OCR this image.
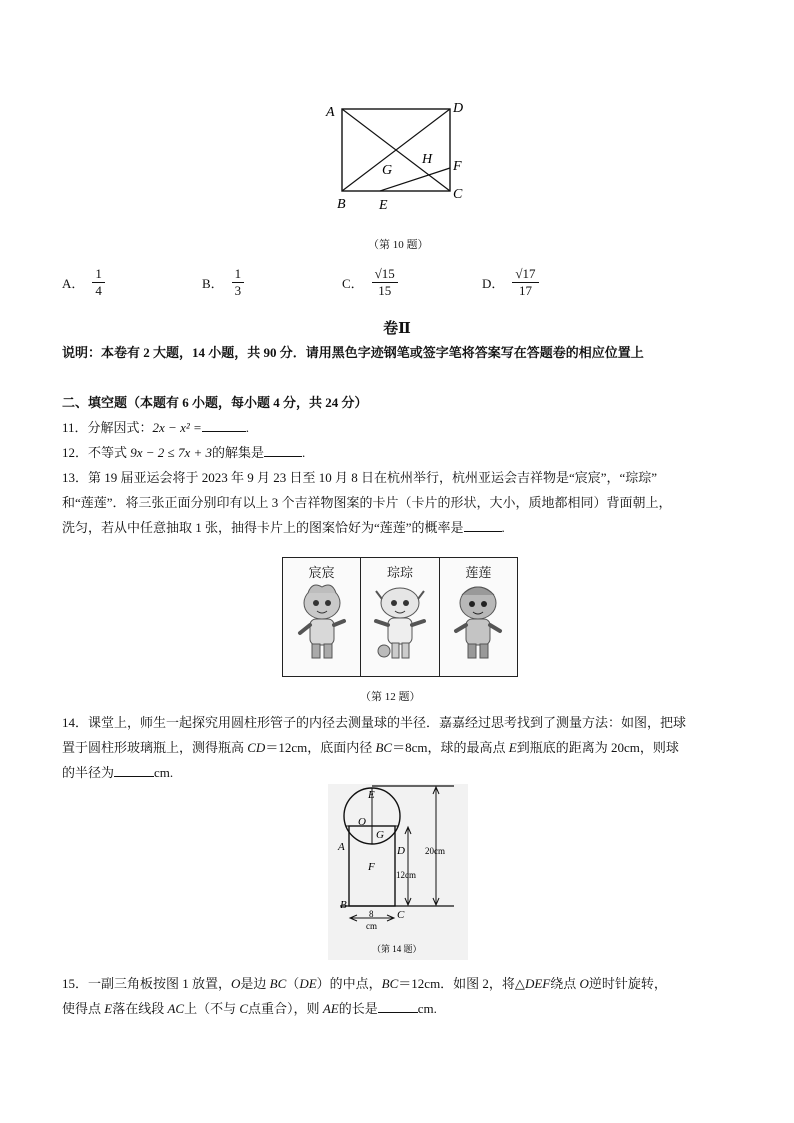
A	D
B
C
E
F
G
H
（第 10 题）
A． $\frac{1}{4}$	B． $\frac{1}{3}$	C． $\frac{√15}{15}$	D． $\frac{√17}{17}$
卷Ⅱ
说明：本卷有 2 大题，14 小题，共 90 分．请用黑色字迹钢笔或签字笔将答案写在答题卷的相应位置上
二、填空题（本题有 6 小题，每小题 4 分，共 24 分）
11．分解因式：2x − x² =	.
12．不等式 9x − 2 ≤ 7x + 3的解集是	.
13．第 19 届亚运会将于 2023 年 9 月 23 日至 10 月 8 日在杭州举行，杭州亚运会吉祥物是“宸宸”，“琮琮”
和“莲莲”．将三张正面分别印有以上 3 个吉祥物图案的卡片（卡片的形状，大小，质地都相同）背面朝上，
洗匀，若从中任意抽取 1 张，抽得卡片上的图案恰好为“莲莲”的概率是	.
宸宸	琮琮	莲莲
（第 12 题）
14．课堂上，师生一起探究用圆柱形管子的内径去测量球的半径．嘉嘉经过思考找到了测量方法：如图，把球
置于圆柱形玻璃瓶上，测得瓶高 CD＝12cm，底面内径 BC＝8cm，球的最高点 E到瓶底的距离为 20cm，则球
的半径为	cm.
E
O
G
A	D
F
B
C
20cm
12cm
8
cm
（第 14 题）
15．一副三角板按图 1 放置，O是边 BC（DE）的中点，BC＝12cm．如图 2，将△DEF绕点 O逆时针旋转，
使得点 E落在线段 AC上（不与 C点重合），则 AE的长是	cm.
